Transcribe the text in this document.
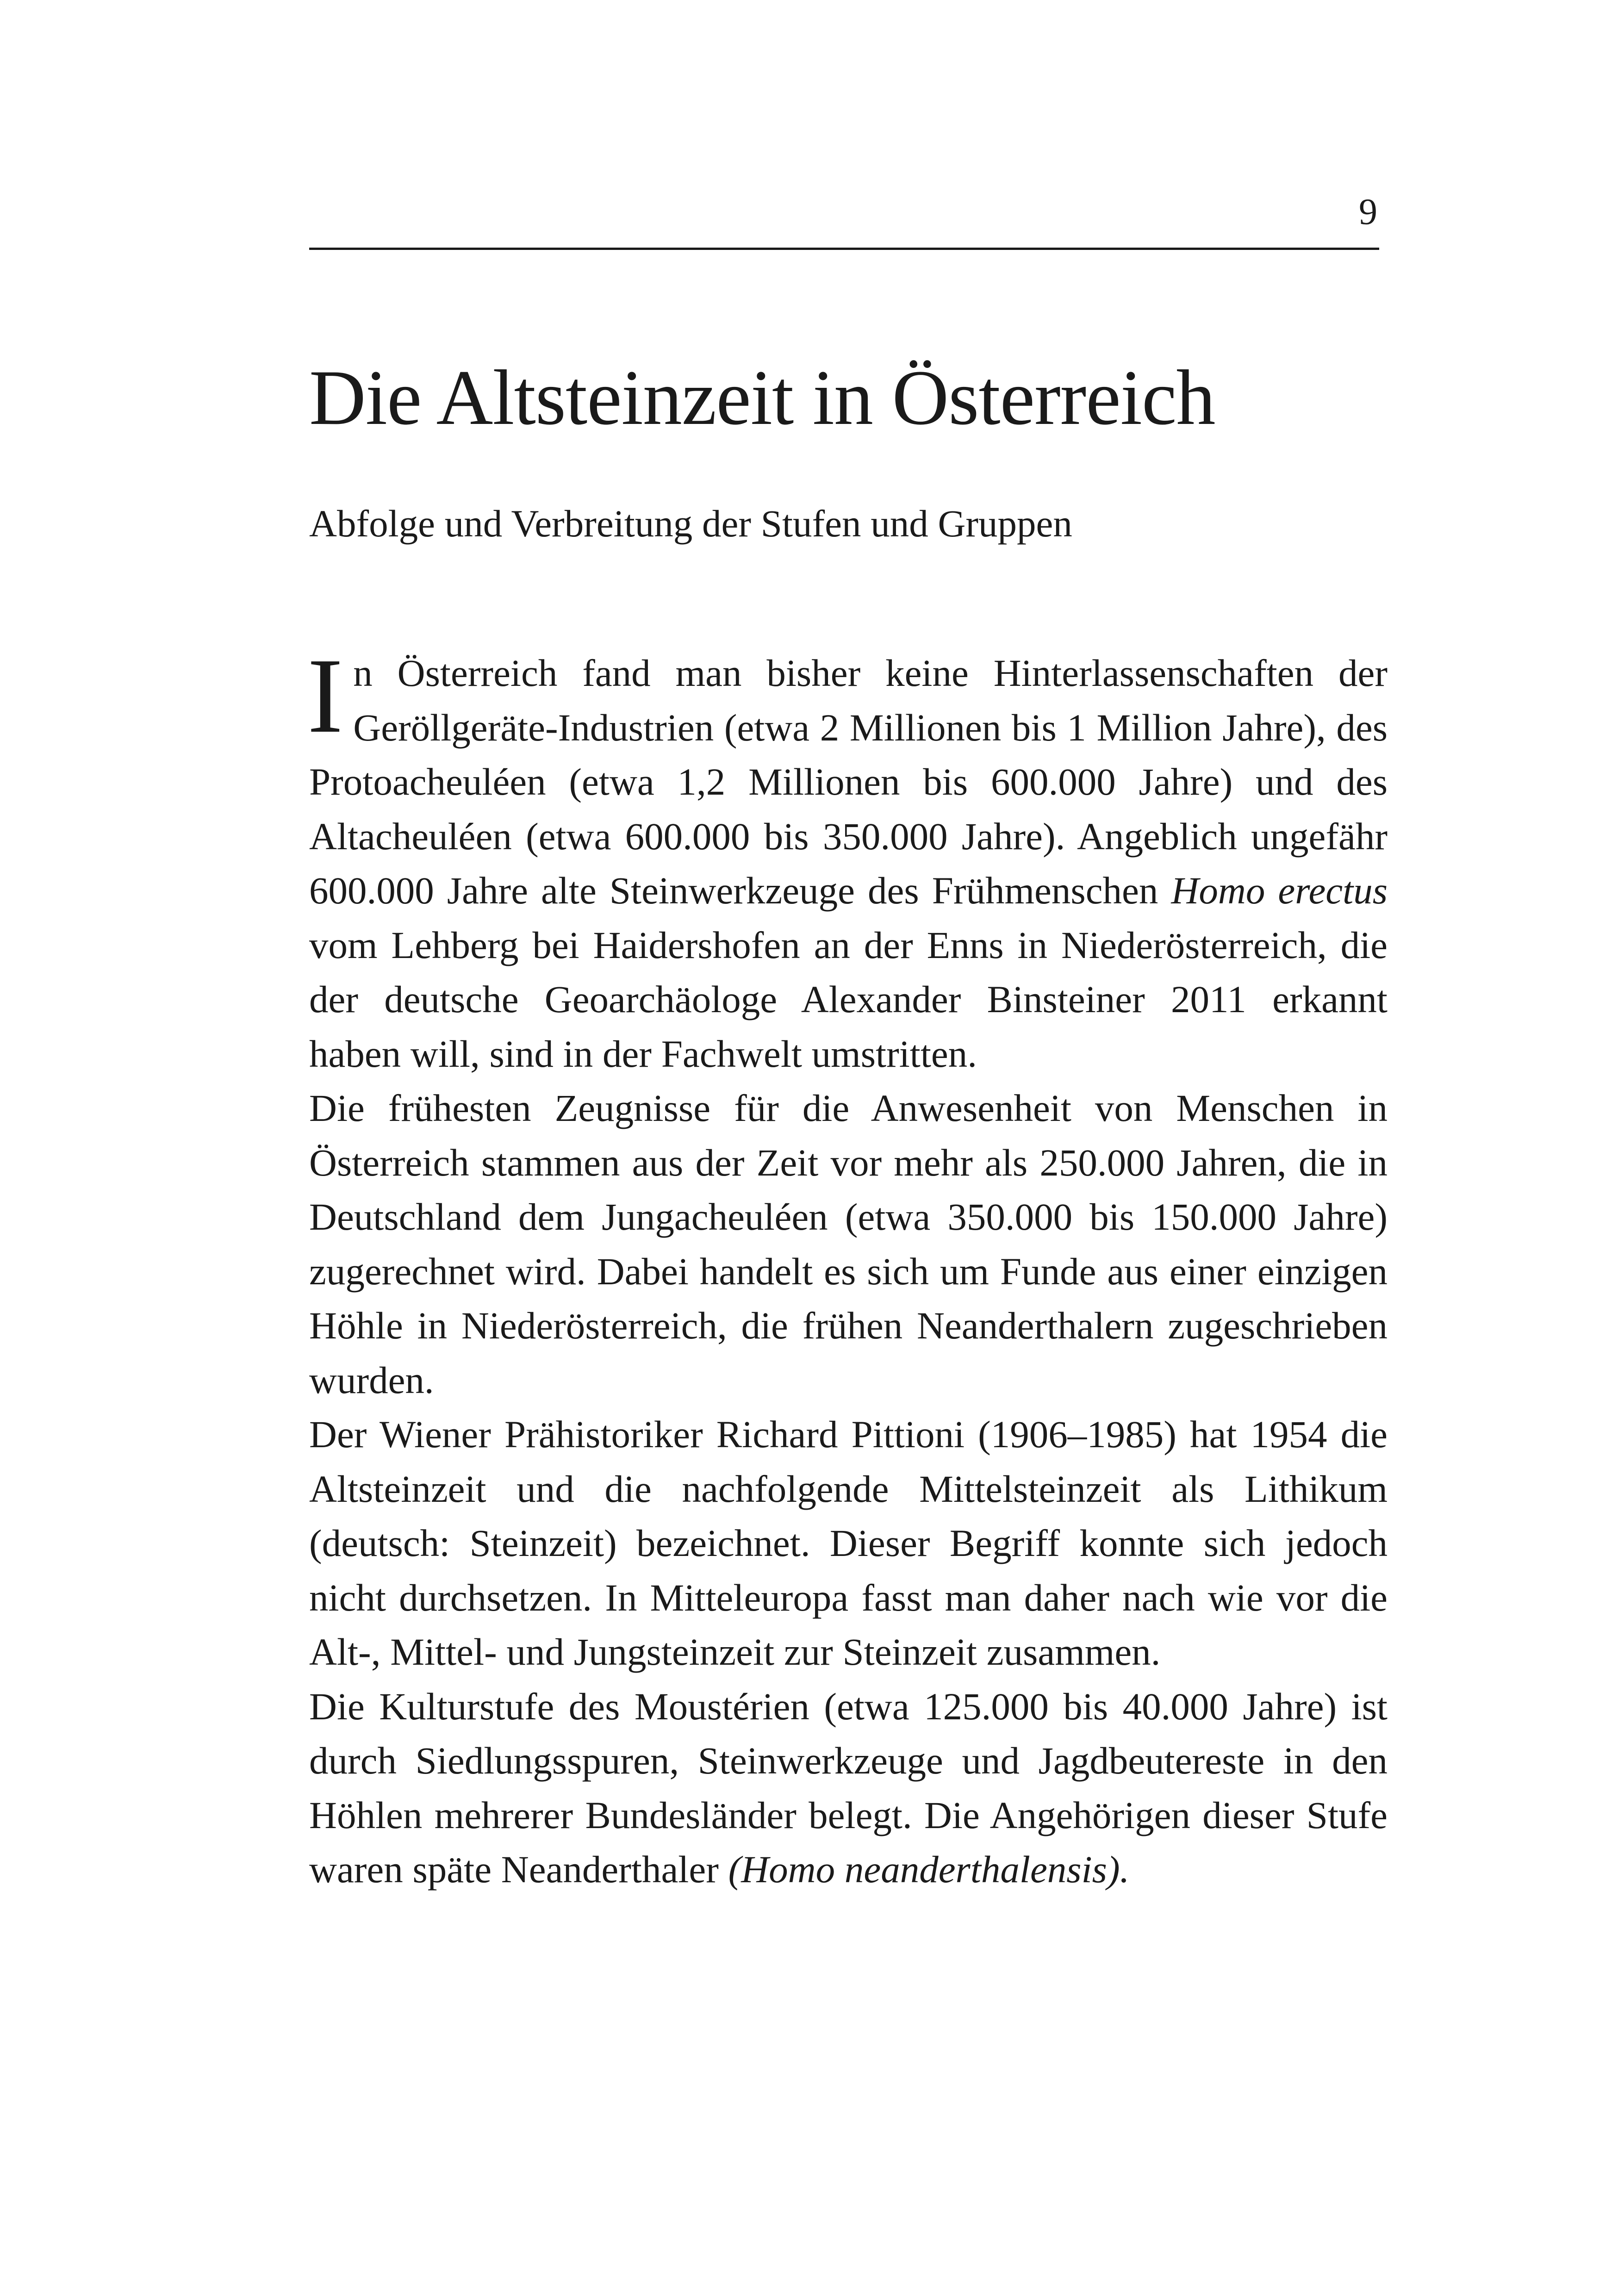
9
Die Altsteinzeit in Österreich
Abfolge und Verbreitung der Stufen und Gruppen

In Österreich fand man bisher keine Hinterlassenschaften der Geröllgeräte-Industrien (etwa 2 Millionen bis 1 Million Jahre), des Protoacheuléen (etwa 1,2 Millionen bis 600.000 Jahre) und des Altacheuléen (etwa 600.000 bis 350.000 Jahre). Angeblich ungefähr 600.000 Jahre alte Steinwerkzeuge des Frühmenschen Homo erectus vom Lehberg bei Haidershofen an der Enns in Niederösterreich, die der deutsche Geoarchäologe Alexander Binsteiner 2011 erkannt haben will, sind in der Fachwelt umstritten.

Die frühesten Zeugnisse für die Anwesenheit von Menschen in Österreich stammen aus der Zeit vor mehr als 250.000 Jahren, die in Deutschland dem Jungacheuléen (etwa 350.000 bis 150.000 Jahre) zugerechnet wird. Dabei handelt es sich um Funde aus einer einzigen Höhle in Niederösterreich, die frühen Neanderthalern zugeschrieben wurden.

Der Wiener Prähistoriker Richard Pittioni (1906–1985) hat 1954 die Altsteinzeit und die nachfolgende Mittelsteinzeit als Lithikum (deutsch: Steinzeit) bezeichnet. Dieser Begriff konnte sich jedoch nicht durchsetzen. In Mitteleuropa fasst man daher nach wie vor die Alt-, Mittel- und Jungsteinzeit zur Steinzeit zusammen.

Die Kulturstufe des Moustérien (etwa 125.000 bis 40.000 Jahre) ist durch Siedlungsspuren, Steinwerkzeuge und Jagdbeutereste in den Höhlen mehrerer Bundesländer belegt. Die Angehörigen dieser Stufe waren späte Neanderthaler (Homo neanderthalensis).
